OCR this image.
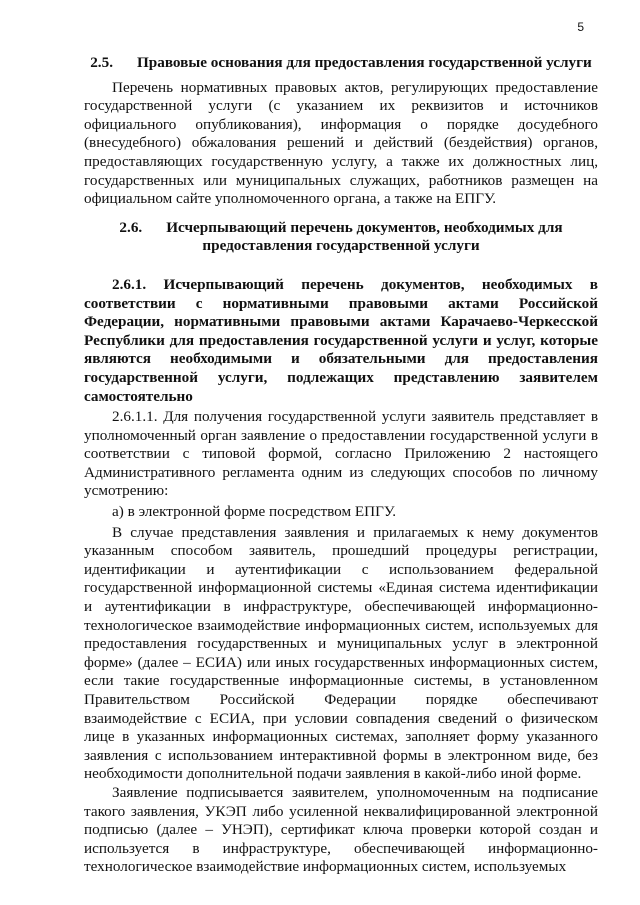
5
2.5. Правовые основания для предоставления государственной услуги

Перечень нормативных правовых актов, регулирующих предоставление государственной услуги (с указанием их реквизитов и источников официального опубликования), информация о порядке досудебного (внесудебного) обжалования решений и действий (бездействия) органов, предоставляющих государственную услугу, а также их должностных лиц, государственных или муниципальных служащих, работников размещен на официальном сайте уполномоченного органа, а также на ЕПГУ.

2.6. Исчерпывающий перечень документов, необходимых для предоставления государственной услуги

2.6.1. Исчерпывающий перечень документов, необходимых в соответствии с нормативными правовыми актами Российской Федерации, нормативными правовыми актами Карачаево-Черкесской Республики для предоставления государственной услуги и услуг, которые являются необходимыми и обязательными для предоставления государственной услуги, подлежащих представлению заявителем самостоятельно

2.6.1.1. Для получения государственной услуги заявитель представляет в уполномоченный орган заявление о предоставлении государственной услуги в соответствии с типовой формой, согласно Приложению 2 настоящего Административного регламента одним из следующих способов по личному усмотрению:

а) в электронной форме посредством ЕПГУ.

В случае представления заявления и прилагаемых к нему документов указанным способом заявитель, прошедший процедуры регистрации, идентификации и аутентификации с использованием федеральной государственной информационной системы «Единая система идентификации и аутентификации в инфраструктуре, обеспечивающей информационно-технологическое взаимодействие информационных систем, используемых для предоставления государственных и муниципальных услуг в электронной форме» (далее – ЕСИА) или иных государственных информационных систем, если такие государственные информационные системы, в установленном Правительством Российской Федерации порядке обеспечивают взаимодействие с ЕСИА, при условии совпадения сведений о физическом лице в указанных информационных системах, заполняет форму указанного заявления с использованием интерактивной формы в электронном виде, без необходимости дополнительной подачи заявления в какой-либо иной форме.

Заявление подписывается заявителем, уполномоченным на подписание такого заявления, УКЭП либо усиленной неквалифицированной электронной подписью (далее – УНЭП), сертификат ключа проверки которой создан и используется в инфраструктуре, обеспечивающей информационно-технологическое взаимодействие информационных систем, используемых
